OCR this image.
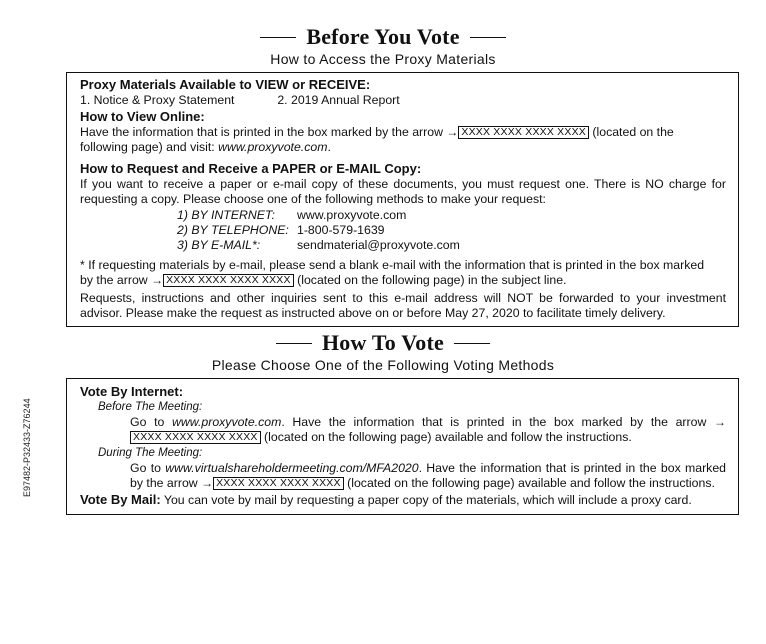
Before You Vote
How to Access the Proxy Materials
Proxy Materials Available to VIEW or RECEIVE:
1. Notice & Proxy Statement	2. 2019 Annual Report
How to View Online:
Have the information that is printed in the box marked by the arrow → XXXX XXXX XXXX XXXX (located on the
following page) and visit: www.proxyvote.com.
How to Request and Receive a PAPER or E-MAIL Copy:
If you want to receive a paper or e-mail copy of these documents, you must request one. There is NO charge for requesting a copy. Please choose one of the following methods to make your request:
1) BY INTERNET: www.proxyvote.com
2) BY TELEPHONE: 1-800-579-1639
3) BY E-MAIL*:	sendmaterial@proxyvote.com
* If requesting materials by e-mail, please send a blank e-mail with the information that is printed in the box marked
by the arrow → XXXX XXXX XXXX XXXX (located on the following page) in the subject line.
Requests, instructions and other inquiries sent to this e-mail address will NOT be forwarded to your investment advisor. Please make the request as instructed above on or before May 27, 2020 to facilitate timely delivery.
How To Vote
Please Choose One of the Following Voting Methods
Vote By Internet:
Before The Meeting:
Go to www.proxyvote.com. Have the information that is printed in the box marked by the arrow →XXXX XXXX XXXX XXXX (located on the following page) available and follow the instructions.
During The Meeting:
Go to www.virtualshareholdermeeting.com/MFA2020. Have the information that is printed in the box marked by the arrow → XXXX XXXX XXXX XXXX (located on the following page) available and follow the instructions.
Vote By Mail: You can vote by mail by requesting a paper copy of the materials, which will include a proxy card.
E97482-P32433-Z76244
